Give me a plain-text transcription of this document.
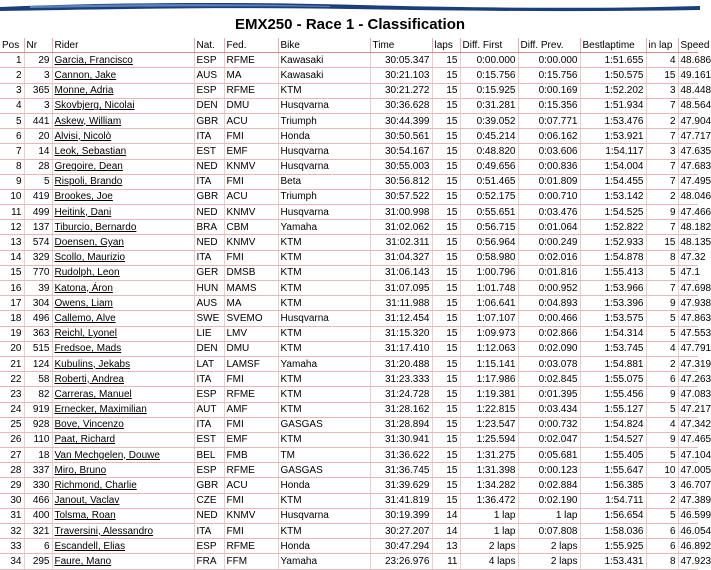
EMX250 - Race 1 - Classification
Pos	Nr	Rider	Nat.	Fed.	Bike	Time	laps	Diff. First	Diff. Prev.	Bestlaptime	in lap	Speed
1	29	Garcia, Francisco	ESP	RFME	Kawasaki	30:05.347	15	0:00.000	0:00.000	1:51.655	4	48.686
2	3	Cannon, Jake	AUS	MA	Kawasaki	30:21.103	15	0:15.756	0:15.756	1:50.575	15	49.161
3	365	Monne, Adria	ESP	RFME	KTM	30:21.272	15	0:15.925	0:00.169	1:52.202	3	48.448
4	3	Skovbjerg, Nicolai	DEN	DMU	Husqvarna	30:36.628	15	0:31.281	0:15.356	1:51.934	7	48.564
5	441	Askew, William	GBR	ACU	Triumph	30:44.399	15	0:39.052	0:07.771	1:53.476	2	47.904
6	20	Alvisi, Nicolò	ITA	FMI	Honda	30:50.561	15	0:45.214	0:06.162	1:53.921	7	47.717
7	14	Leok, Sebastian	EST	EMF	Husqvarna	30:54.167	15	0:48.820	0:03.606	1:54.117	3	47.635
8	28	Gregoire, Dean	NED	KNMV	Husqvarna	30:55.003	15	0:49.656	0:00.836	1:54.004	7	47.683
9	5	Rispoli, Brando	ITA	FMI	Beta	30:56.812	15	0:51.465	0:01.809	1:54.455	7	47.495
10	419	Brookes, Joe	GBR	ACU	Triumph	30:57.522	15	0:52.175	0:00.710	1:53.142	2	48.046
11	499	Heitink, Dani	NED	KNMV	Husqvarna	31:00.998	15	0:55.651	0:03.476	1:54.525	9	47.466
12	137	Tiburcio, Bernardo	BRA	CBM	Yamaha	31:02.062	15	0:56.715	0:01.064	1:52.822	7	48.182
13	574	Doensen, Gyan	NED	KNMV	KTM	31:02.311	15	0:56.964	0:00.249	1:52.933	15	48.135
14	329	Scollo, Maurizio	ITA	FMI	KTM	31:04.327	15	0:58.980	0:02.016	1:54.878	8	47.32
15	770	Rudolph, Leon	GER	DMSB	KTM	31:06.143	15	1:00.796	0:01.816	1:55.413	5	47.1
16	39	Katona, Áron	HUN	MAMS	KTM	31:07.095	15	1:01.748	0:00.952	1:53.966	7	47.698
17	304	Owens, Liam	AUS	MA	KTM	31:11.988	15	1:06.641	0:04.893	1:53.396	9	47.938
18	496	Callemo, Alve	SWE	SVEMO	Husqvarna	31:12.454	15	1:07.107	0:00.466	1:53.575	5	47.863
19	363	Reichl, Lyonel	LIE	LMV	KTM	31:15.320	15	1:09.973	0:02.866	1:54.314	5	47.553
20	515	Fredsoe, Mads	DEN	DMU	KTM	31:17.410	15	1:12.063	0:02.090	1:53.745	4	47.791
21	124	Kubulins, Jekabs	LAT	LAMSF	Yamaha	31:20.488	15	1:15.141	0:03.078	1:54.881	2	47.319
22	58	Roberti, Andrea	ITA	FMI	KTM	31:23.333	15	1:17.986	0:02.845	1:55.075	6	47.263
23	82	Carreras, Manuel	ESP	RFME	KTM	31:24.728	15	1:19.381	0:01.395	1:55.456	9	47.083
24	919	Ernecker, Maximilian	AUT	AMF	KTM	31:28.162	15	1:22.815	0:03.434	1:55.127	5	47.217
25	928	Bove, Vincenzo	ITA	FMI	GASGAS	31:28.894	15	1:23.547	0:00.732	1:54.824	4	47.342
26	110	Paat, Richard	EST	EMF	KTM	31:30.941	15	1:25.594	0:02.047	1:54.527	9	47.465
27	18	Van Mechgelen, Douwe	BEL	FMB	TM	31:36.622	15	1:31.275	0:05.681	1:55.405	5	47.104
28	337	Miro, Bruno	ESP	RFME	GASGAS	31:36.745	15	1:31.398	0:00.123	1:55.647	10	47.005
29	330	Richmond, Charlie	GBR	ACU	Honda	31:39.629	15	1:34.282	0:02.884	1:56.385	3	46.707
30	466	Janout, Vaclav	CZE	FMI	KTM	31:41.819	15	1:36.472	0:02.190	1:54.711	2	47.389
31	400	Tolsma, Roan	NED	KNMV	Husqvarna	30:19.399	14	1 lap	1 lap	1:56.654	5	46.599
32	321	Traversini, Alessandro	ITA	FMI	KTM	30:27.207	14	1 lap	0:07.808	1:58.036	6	46.054
33	6	Escandell, Elias	ESP	RFME	Honda	30:47.294	13	2 laps	2 laps	1:55.925	6	46.892
34	295	Faure, Mano	FRA	FFM	Yamaha	23:26.976	11	4 laps	2 laps	1:53.431	8	47.923
